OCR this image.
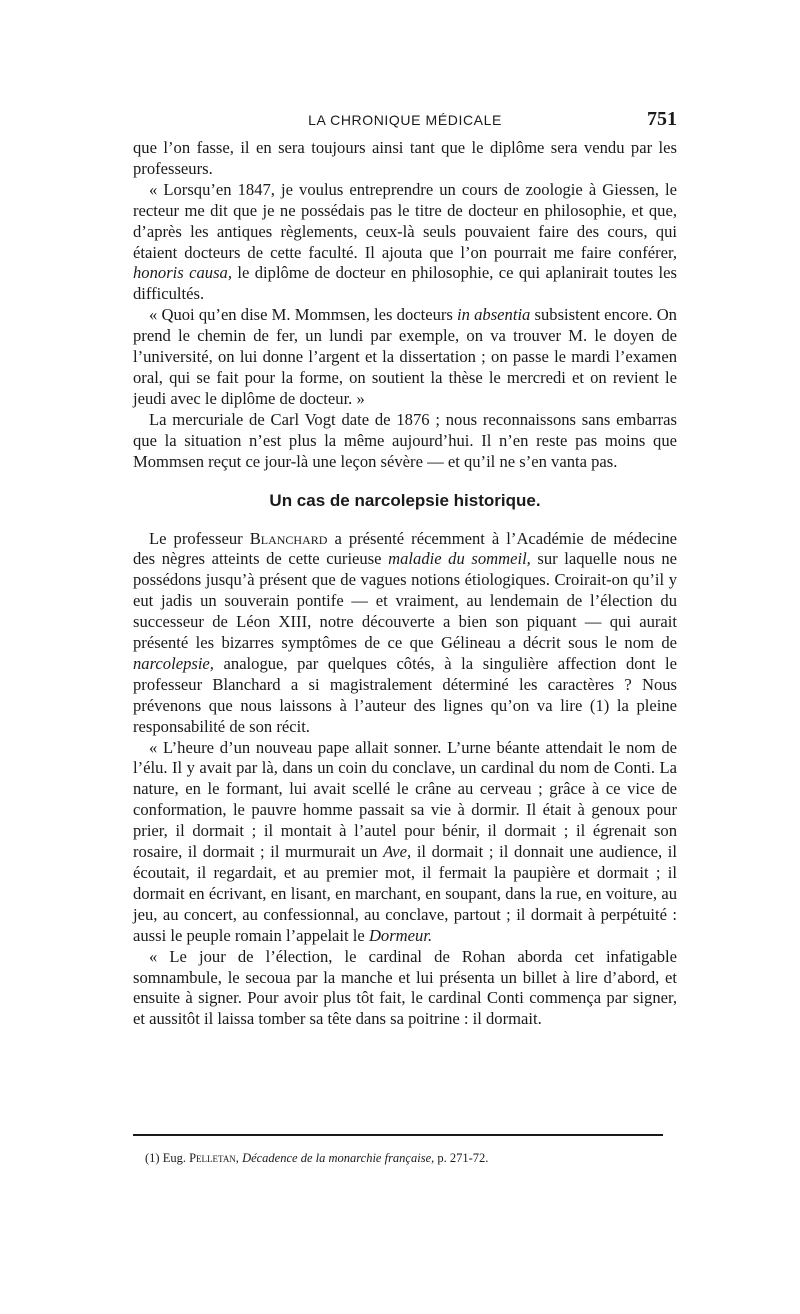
LA CHRONIQUE MÉDICALE	751

que l’on fasse, il en sera toujours ainsi tant que le diplôme sera vendu par les professeurs.

« Lorsqu’en 1847, je voulus entreprendre un cours de zoologie à Giessen, le recteur me dit que je ne possédais pas le titre de docteur en philosophie, et que, d’après les antiques règlements, ceux-là seuls pouvaient faire des cours, qui étaient docteurs de cette faculté. Il ajouta que l’on pourrait me faire conférer, honoris causa, le diplôme de docteur en philosophie, ce qui aplanirait toutes les difficultés.

« Quoi qu’en dise M. Mommsen, les docteurs in absentia subsistent encore. On prend le chemin de fer, un lundi par exemple, on va trouver M. le doyen de l’université, on lui donne l’argent et la dissertation ; on passe le mardi l’examen oral, qui se fait pour la forme, on soutient la thèse le mercredi et on revient le jeudi avec le diplôme de docteur. »

La mercuriale de Carl Vogt date de 1876 ; nous reconnaissons sans embarras que la situation n’est plus la même aujourd’hui. Il n’en reste pas moins que Mommsen reçut ce jour-là une leçon sévère — et qu’il ne s’en vanta pas.

Un cas de narcolepsie historique.

Le professeur Blanchard a présenté récemment à l’Académie de médecine des nègres atteints de cette curieuse maladie du sommeil, sur laquelle nous ne possédons jusqu’à présent que de vagues notions étiologiques. Croirait-on qu’il y eut jadis un souverain pontife — et vraiment, au lendemain de l’élection du successeur de Léon XIII, notre découverte a bien son piquant — qui aurait présenté les bizarres symptômes de ce que Gélineau a décrit sous le nom de narcolepsie, analogue, par quelques côtés, à la singulière affection dont le professeur Blanchard a si magistralement déterminé les caractères ? Nous prévenons que nous laissons à l’auteur des lignes qu’on va lire (1) la pleine responsabilité de son récit.

« L’heure d’un nouveau pape allait sonner. L’urne béante attendait le nom de l’élu. Il y avait par là, dans un coin du conclave, un cardinal du nom de Conti. La nature, en le formant, lui avait scellé le crâne au cerveau ; grâce à ce vice de conformation, le pauvre homme passait sa vie à dormir. Il était à genoux pour prier, il dormait ; il montait à l’autel pour bénir, il dormait ; il égrenait son rosaire, il dormait ; il murmurait un Ave, il dormait ; il donnait une audience, il écoutait, il regardait, et au premier mot, il fermait la paupière et dormait ; il dormait en écrivant, en lisant, en marchant, en soupant, dans la rue, en voiture, au jeu, au concert, au confessionnal, au conclave, partout ; il dormait à perpétuité : aussi le peuple romain l’appelait le Dormeur.

« Le jour de l’élection, le cardinal de Rohan aborda cet infatigable somnambule, le secoua par la manche et lui présenta un billet à lire d’abord, et ensuite à signer. Pour avoir plus tôt fait, le cardinal Conti commença par signer, et aussitôt il laissa tomber sa tête dans sa poitrine : il dormait.

(1) Eug. Pelletan, Décadence de la monarchie française, p. 271-72.
